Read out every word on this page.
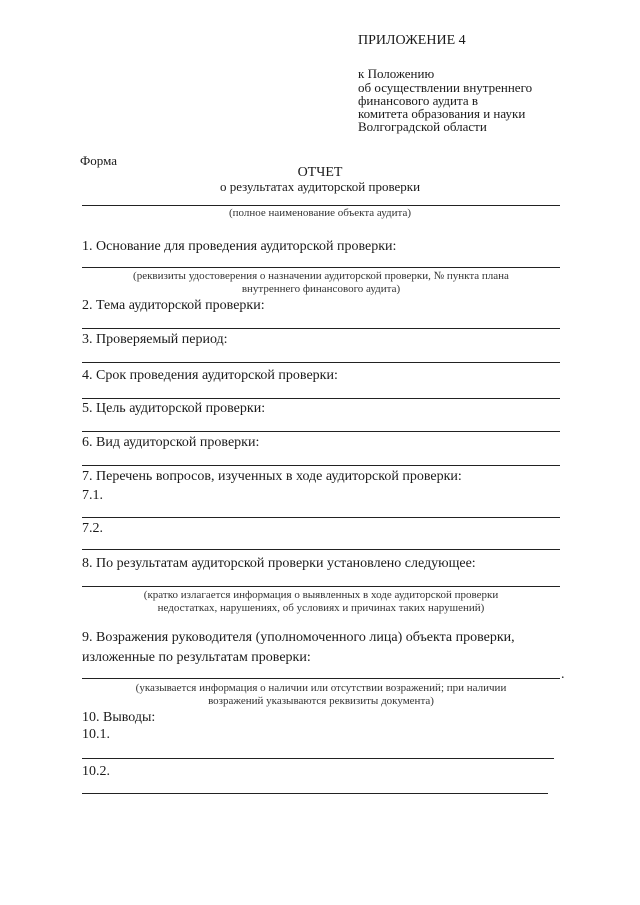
ПРИЛОЖЕНИЕ 4
к Положению
об осуществлении внутреннего
финансового аудита в
комитета образования и науки
Волгоградской области
Форма
ОТЧЕТ
о результатах аудиторской проверки
(полное наименование объекта аудита)
1. Основание для проведения аудиторской проверки:
(реквизиты удостоверения о назначении аудиторской проверки, № пункта плана
внутреннего финансового аудита)
2. Тема аудиторской проверки:
3. Проверяемый период:
4. Срок проведения аудиторской проверки:
5. Цель аудиторской проверки:
6. Вид аудиторской проверки:
7. Перечень вопросов, изученных в ходе аудиторской проверки:
7.1.
7.2.
8. По результатам аудиторской проверки установлено следующее:
(кратко излагается информация о выявленных в ходе аудиторской проверки
недостатках, нарушениях, об условиях и причинах таких нарушений)
9. Возражения руководителя (уполномоченного лица) объекта проверки,
изложенные по результатам проверки:
.
(указывается информация о наличии или отсутствии возражений; при наличии
возражений указываются реквизиты документа)
10. Выводы:
10.1.
10.2.
